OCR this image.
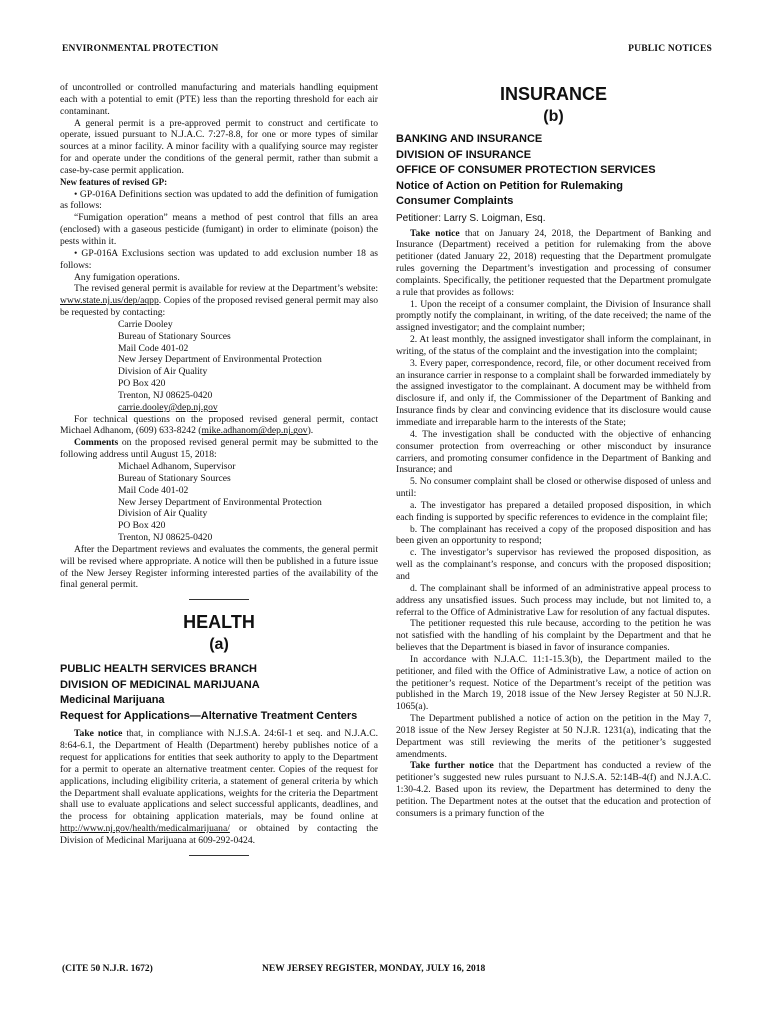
ENVIRONMENTAL PROTECTION	PUBLIC NOTICES

of uncontrolled or controlled manufacturing and materials handling equipment each with a potential to emit (PTE) less than the reporting threshold for each air contaminant.

A general permit is a pre-approved permit to construct and certificate to operate, issued pursuant to N.J.A.C. 7:27-8.8, for one or more types of similar sources at a minor facility. A minor facility with a qualifying source may register for and operate under the conditions of the general permit, rather than submit a case-by-case permit application.

New features of revised GP:

• GP-016A Definitions section was updated to add the definition of fumigation as follows:

“Fumigation operation” means a method of pest control that fills an area (enclosed) with a gaseous pesticide (fumigant) in order to eliminate (poison) the pests within it.

• GP-016A Exclusions section was updated to add exclusion number 18 as follows:

Any fumigation operations.

The revised general permit is available for review at the Department’s website: www.state.nj.us/dep/aqpp. Copies of the proposed revised general permit may also be requested by contacting:

Carrie Dooley

Bureau of Stationary Sources

Mail Code 401-02

New Jersey Department of Environmental Protection

Division of Air Quality

PO Box 420

Trenton, NJ 08625-0420

carrie.dooley@dep.nj.gov

For technical questions on the proposed revised general permit, contact Michael Adhanom, (609) 633-8242 (mike.adhanom@dep.nj.gov).

Comments on the proposed revised general permit may be submitted to the following address until August 15, 2018:

Michael Adhanom, Supervisor

Bureau of Stationary Sources

Mail Code 401-02

New Jersey Department of Environmental Protection

Division of Air Quality

PO Box 420

Trenton, NJ 08625-0420

After the Department reviews and evaluates the comments, the general permit will be revised where appropriate. A notice will then be published in a future issue of the New Jersey Register informing interested parties of the availability of the final general permit.

HEALTH
(a)
PUBLIC HEALTH SERVICES BRANCH
DIVISION OF MEDICINAL MARIJUANA
Medicinal Marijuana
Request for Applications—Alternative Treatment Centers

Take notice that, in compliance with N.J.S.A. 24:6I-1 et seq. and N.J.A.C. 8:64-6.1, the Department of Health (Department) hereby publishes notice of a request for applications for entities that seek authority to apply to the Department for a permit to operate an alternative treatment center. Copies of the request for applications, including eligibility criteria, a statement of general criteria by which the Department shall evaluate applications, weights for the criteria the Department shall use to evaluate applications and select successful applicants, deadlines, and the process for obtaining application materials, may be found online at http://www.nj.gov/health/medicalmarijuana/ or obtained by contacting the Division of Medicinal Marijuana at 609-292-0424.

INSURANCE
(b)
BANKING AND INSURANCE
DIVISION OF INSURANCE
OFFICE OF CONSUMER PROTECTION SERVICES
Notice of Action on Petition for Rulemaking
Consumer Complaints
Petitioner: Larry S. Loigman, Esq.

Take notice that on January 24, 2018, the Department of Banking and Insurance (Department) received a petition for rulemaking from the above petitioner (dated January 22, 2018) requesting that the Department promulgate rules governing the Department’s investigation and processing of consumer complaints. Specifically, the petitioner requested that the Department promulgate a rule that provides as follows:

1. Upon the receipt of a consumer complaint, the Division of Insurance shall promptly notify the complainant, in writing, of the date received; the name of the assigned investigator; and the complaint number;

2. At least monthly, the assigned investigator shall inform the complainant, in writing, of the status of the complaint and the investigation into the complaint;

3. Every paper, correspondence, record, file, or other document received from an insurance carrier in response to a complaint shall be forwarded immediately by the assigned investigator to the complainant. A document may be withheld from disclosure if, and only if, the Commissioner of the Department of Banking and Insurance finds by clear and convincing evidence that its disclosure would cause immediate and irreparable harm to the interests of the State;

4. The investigation shall be conducted with the objective of enhancing consumer protection from overreaching or other misconduct by insurance carriers, and promoting consumer confidence in the Department of Banking and Insurance; and

5. No consumer complaint shall be closed or otherwise disposed of unless and until:

a. The investigator has prepared a detailed proposed disposition, in which each finding is supported by specific references to evidence in the complaint file;

b. The complainant has received a copy of the proposed disposition and has been given an opportunity to respond;

c. The investigator’s supervisor has reviewed the proposed disposition, as well as the complainant’s response, and concurs with the proposed disposition; and

d. The complainant shall be informed of an administrative appeal process to address any unsatisfied issues. Such process may include, but not limited to, a referral to the Office of Administrative Law for resolution of any factual disputes.

The petitioner requested this rule because, according to the petition he was not satisfied with the handling of his complaint by the Department and that he believes that the Department is biased in favor of insurance companies.

In accordance with N.J.A.C. 11:1-15.3(b), the Department mailed to the petitioner, and filed with the Office of Administrative Law, a notice of action on the petitioner’s request. Notice of the Department’s receipt of the petition was published in the March 19, 2018 issue of the New Jersey Register at 50 N.J.R. 1065(a).

The Department published a notice of action on the petition in the May 7, 2018 issue of the New Jersey Register at 50 N.J.R. 1231(a), indicating that the Department was still reviewing the merits of the petitioner’s suggested amendments.

Take further notice that the Department has conducted a review of the petitioner’s suggested new rules pursuant to N.J.S.A. 52:14B-4(f) and N.J.A.C. 1:30-4.2. Based upon its review, the Department has determined to deny the petition. The Department notes at the outset that the education and protection of consumers is a primary function of the

(CITE 50 N.J.R. 1672)	NEW JERSEY REGISTER, MONDAY, JULY 16, 2018
